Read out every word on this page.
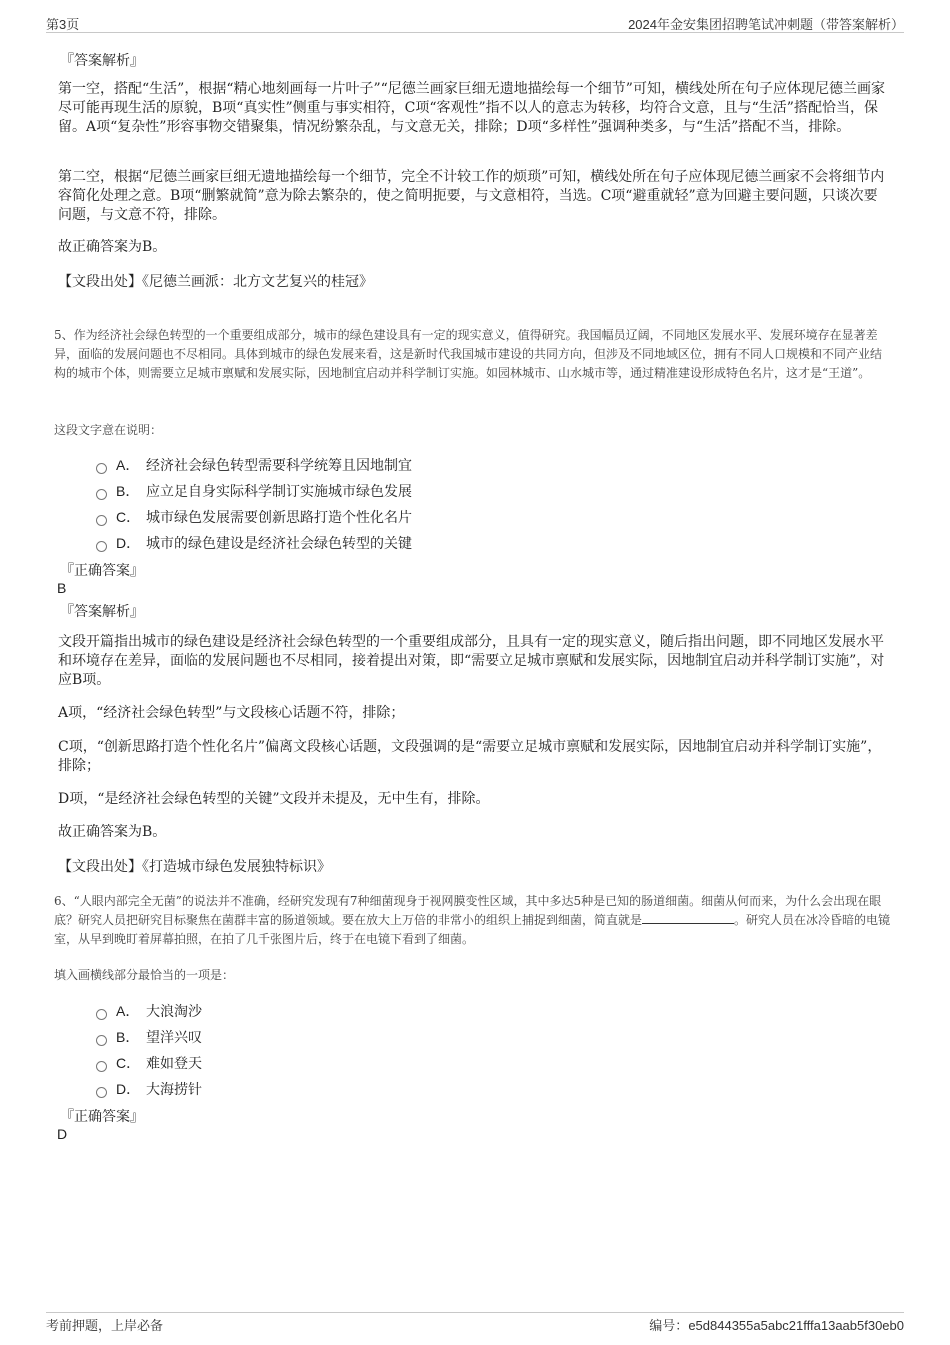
第3页	2024年金安集团招聘笔试冲刺题（带答案解析）
『答案解析』
第一空，搭配“生活”，根据“精心地刻画每一片叶子”“尼德兰画家巨细无遗地描绘每一个细节”可知，横线处所在句子应体现尼德兰画家尽可能再现生活的原貌，B项“真实性”侧重与事实相符，C项“客观性”指不以人的意志为转移，均符合文意，且与“生活”搭配恰当，保留。A项“复杂性”形容事物交错聚集，情况纷繁杂乱，与文意无关，排除；D项“多样性”强调种类多，与“生活”搭配不当，排除。
第二空，根据“尼德兰画家巨细无遗地描绘每一个细节，完全不计较工作的烦琐”可知，横线处所在句子应体现尼德兰画家不会将细节内容简化处理之意。B项“删繁就简”意为除去繁杂的，使之简明扼要，与文意相符，当选。C项“避重就轻”意为回避主要问题，只谈次要问题，与文意不符，排除。
故正确答案为B。
【文段出处】《尼德兰画派：北方文艺复兴的桂冠》
5、作为经济社会绿色转型的一个重要组成部分，城市的绿色建设具有一定的现实意义，值得研究。我国幅员辽阔，不同地区发展水平、发展环境存在显著差异，面临的发展问题也不尽相同。具体到城市的绿色发展来看，这是新时代我国城市建设的共同方向，但涉及不同地域区位，拥有不同人口规模和不同产业结构的城市个体，则需要立足城市禀赋和发展实际，因地制宜启动并科学制订实施。如园林城市、山水城市等，通过精准建设形成特色名片，这才是“王道”。
这段文字意在说明：
A． 经济社会绿色转型需要科学统筹且因地制宜
B． 应立足自身实际科学制订实施城市绿色发展
C． 城市绿色发展需要创新思路打造个性化名片
D． 城市的绿色建设是经济社会绿色转型的关键
『正确答案』
B
『答案解析』
文段开篇指出城市的绿色建设是经济社会绿色转型的一个重要组成部分，且具有一定的现实意义，随后指出问题，即不同地区发展水平和环境存在差异，面临的发展问题也不尽相同，接着提出对策，即“需要立足城市禀赋和发展实际，因地制宜启动并科学制订实施”，对应B项。
A项，“经济社会绿色转型”与文段核心话题不符，排除；
C项，“创新思路打造个性化名片”偏离文段核心话题，文段强调的是“需要立足城市禀赋和发展实际，因地制宜启动并科学制订实施”，排除；
D项，“是经济社会绿色转型的关键”文段并未提及，无中生有，排除。
故正确答案为B。
【文段出处】《打造城市绿色发展独特标识》
6、“人眼内部完全无菌”的说法并不准确，经研究发现有7种细菌现身于视网膜变性区域，其中多达5种是已知的肠道细菌。细菌从何而来，为什么会出现在眼底？研究人员把研究目标聚焦在菌群丰富的肠道领域。要在放大上万倍的非常小的组织上捕捉到细菌，简直就是	。研究人员在冰冷昏暗的电镜室，从早到晚盯着屏幕拍照，在拍了几千张图片后，终于在电镜下看到了细菌。
填入画横线部分最恰当的一项是：
A． 大浪淘沙
B． 望洋兴叹
C． 难如登天
D． 大海捞针
『正确答案』
D
考前押题，上岸必备	编号：e5d844355a5abc21fffa13aab5f30eb0
